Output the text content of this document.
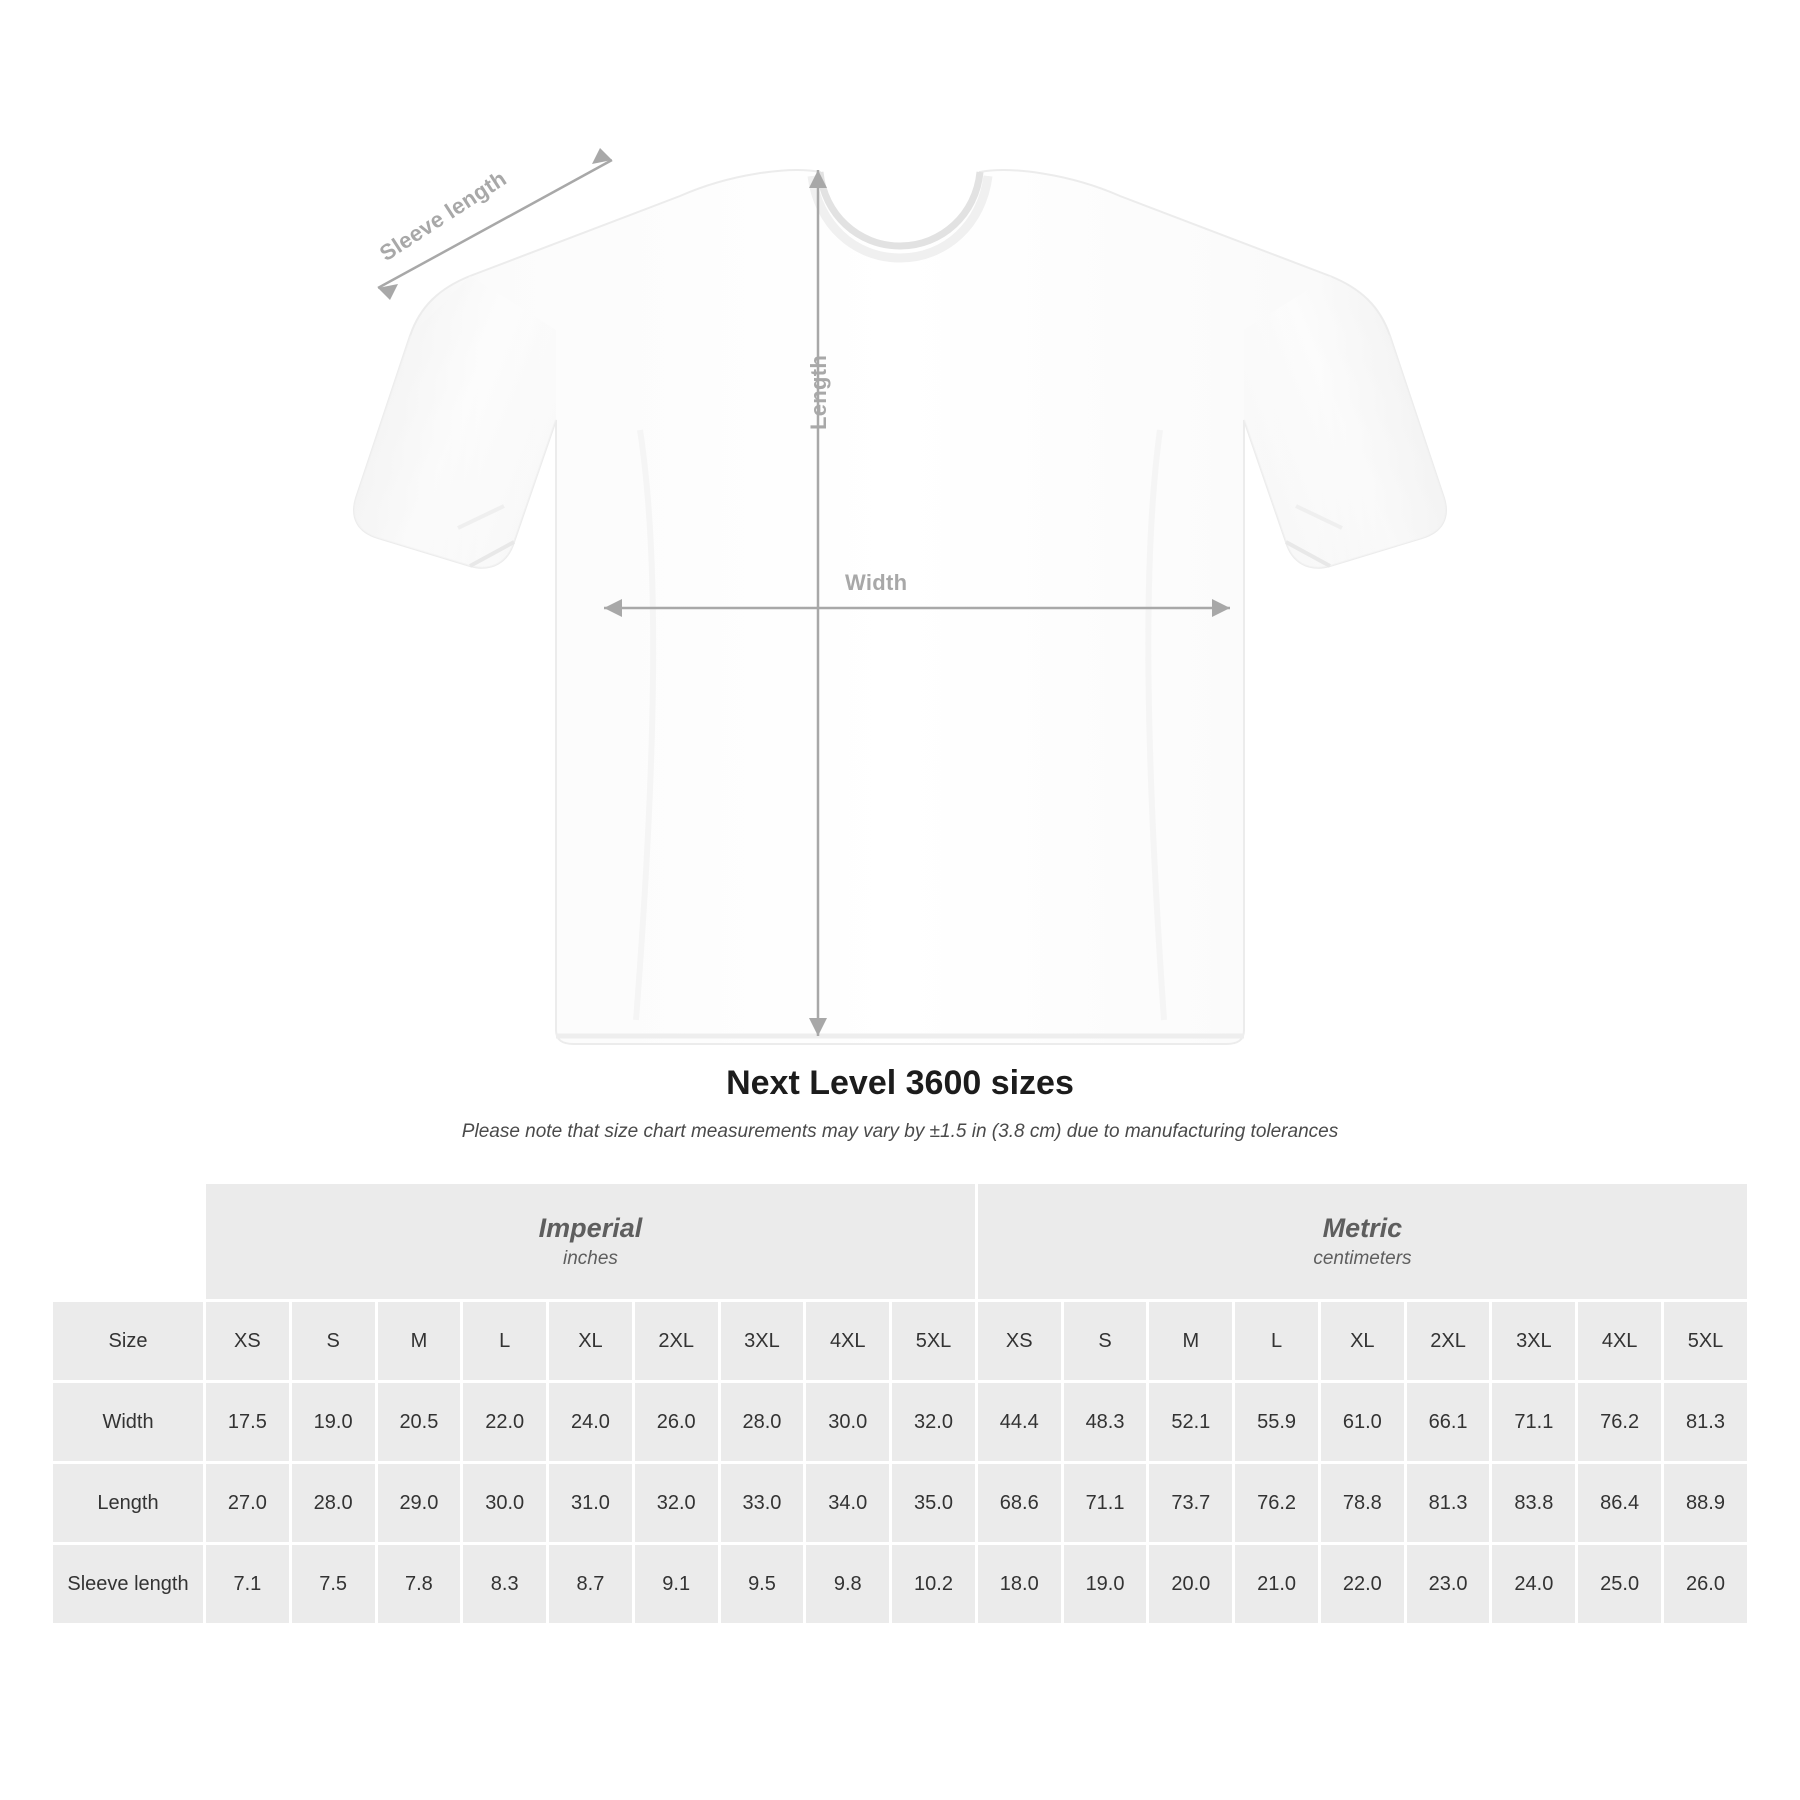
Width
Length
Sleeve length
Next Level 3600 sizes

Please note that size chart measurements may vary by ±1.5 in (3.8 cm) due to manufacturing tolerances

Imperial
inches

Metric
centimeters

Size	XS	S	M	L	XL	2XL	3XL	4XL	5XL	XS	S	M	L	XL	2XL	3XL	4XL	5XL
Width	17.5	19.0	20.5	22.0	24.0	26.0	28.0	30.0	32.0	44.4	48.3	52.1	55.9	61.0	66.1	71.1	76.2	81.3
Length	27.0	28.0	29.0	30.0	31.0	32.0	33.0	34.0	35.0	68.6	71.1	73.7	76.2	78.8	81.3	83.8	86.4	88.9
Sleeve length	7.1	7.5	7.8	8.3	8.7	9.1	9.5	9.8	10.2	18.0	19.0	20.0	21.0	22.0	23.0	24.0	25.0	26.0
